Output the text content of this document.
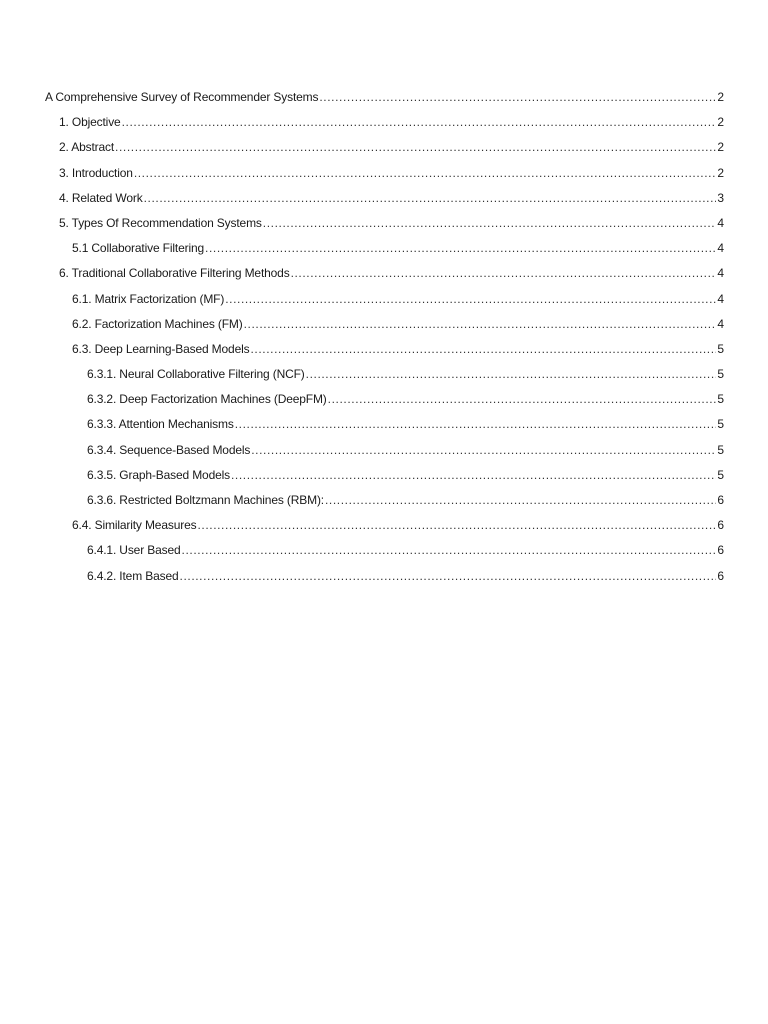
A Comprehensive Survey of Recommender Systems .....	2
1. Objective .....	2
2. Abstract .....	2
3. Introduction .....	2
4. Related Work .....	3
5. Types Of Recommendation Systems .....	4
5.1 Collaborative Filtering .....	4
6. Traditional Collaborative Filtering Methods .....	4
6.1. Matrix Factorization (MF) .....	4
6.2. Factorization Machines (FM) .....	4
6.3. Deep Learning-Based Models .....	5
6.3.1. Neural Collaborative Filtering (NCF) .....	5
6.3.2. Deep Factorization Machines (DeepFM) .....	5
6.3.3. Attention Mechanisms .....	5
6.3.4. Sequence-Based Models .....	5
6.3.5. Graph-Based Models .....	5
6.3.6. Restricted Boltzmann Machines (RBM): .....	6
6.4. Similarity Measures .....	6
6.4.1. User Based .....	6
6.4.2. Item Based .....	6
